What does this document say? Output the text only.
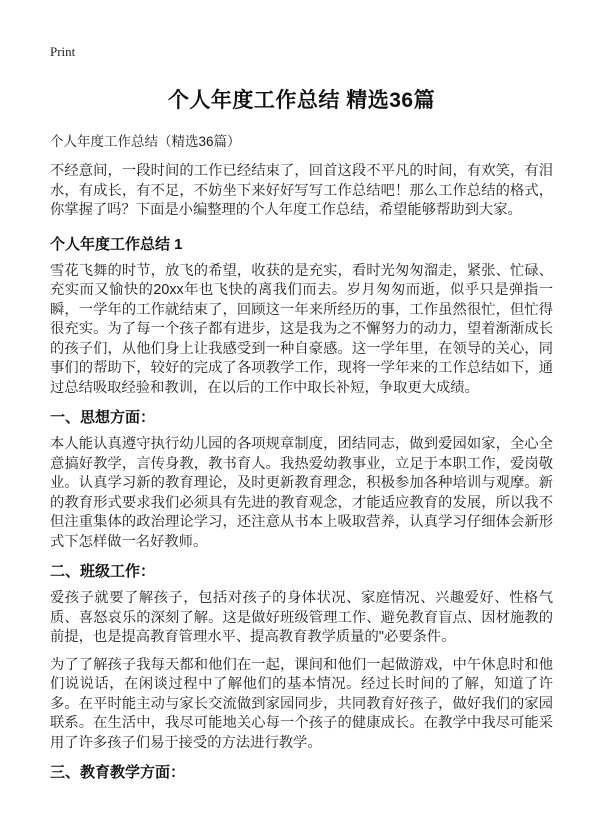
Print
个人年度工作总结 精选36篇
个人年度工作总结（精选36篇）

不经意间，一段时间的工作已经结束了，回首这段不平凡的时间，有欢笑，有泪水，有成长，有不足，不妨坐下来好好写写工作总结吧！那么工作总结的格式，你掌握了吗？下面是小编整理的个人年度工作总结，希望能够帮助到大家。

个人年度工作总结 1

雪花飞舞的时节，放飞的希望，收获的是充实，看时光匆匆溜走，紧张、忙碌、充实而又愉快的20xx年也飞快的离我们而去。岁月匆匆而逝，似乎只是弹指一瞬，一学年的工作就结束了，回顾这一年来所经历的事，工作虽然很忙，但忙得很充实。为了每一个孩子都有进步，这是我为之不懈努力的动力，望着渐渐成长的孩子们，从他们身上让我感受到一种自豪感。这一学年里，在领导的关心，同事们的帮助下，较好的完成了各项教学工作，现将一学年来的工作总结如下，通过总结吸取经验和教训，在以后的工作中取长补短，争取更大成绩。

一、思想方面：

本人能认真遵守执行幼儿园的各项规章制度，团结同志，做到爱园如家，全心全意搞好教学，言传身教，教书育人。我热爱幼教事业，立足于本职工作，爱岗敬业。认真学习新的教育理论，及时更新教育理念，积极参加各种培训与观摩。新的教育形式要求我们必须具有先进的教育观念，才能适应教育的发展，所以我不但注重集体的政治理论学习，还注意从书本上吸取营养，认真学习仔细体会新形式下怎样做一名好教师。

二、班级工作：

爱孩子就要了解孩子，包括对孩子的身体状况、家庭情况、兴趣爱好、性格气质、喜怒哀乐的深刻了解。这是做好班级管理工作、避免教育盲点、因材施教的前提，也是提高教育管理水平、提高教育教学质量的"必要条件。

为了了解孩子我每天都和他们在一起，课间和他们一起做游戏，中午休息时和他们说说话，在闲谈过程中了解他们的基本情况。经过长时间的了解，知道了许多。在平时能主动与家长交流做到家园同步，共同教育好孩子，做好我们的家园联系。在生活中，我尽可能地关心每一个孩子的健康成长。在教学中我尽可能采用了许多孩子们易于接受的方法进行教学。

三、教育教学方面：
